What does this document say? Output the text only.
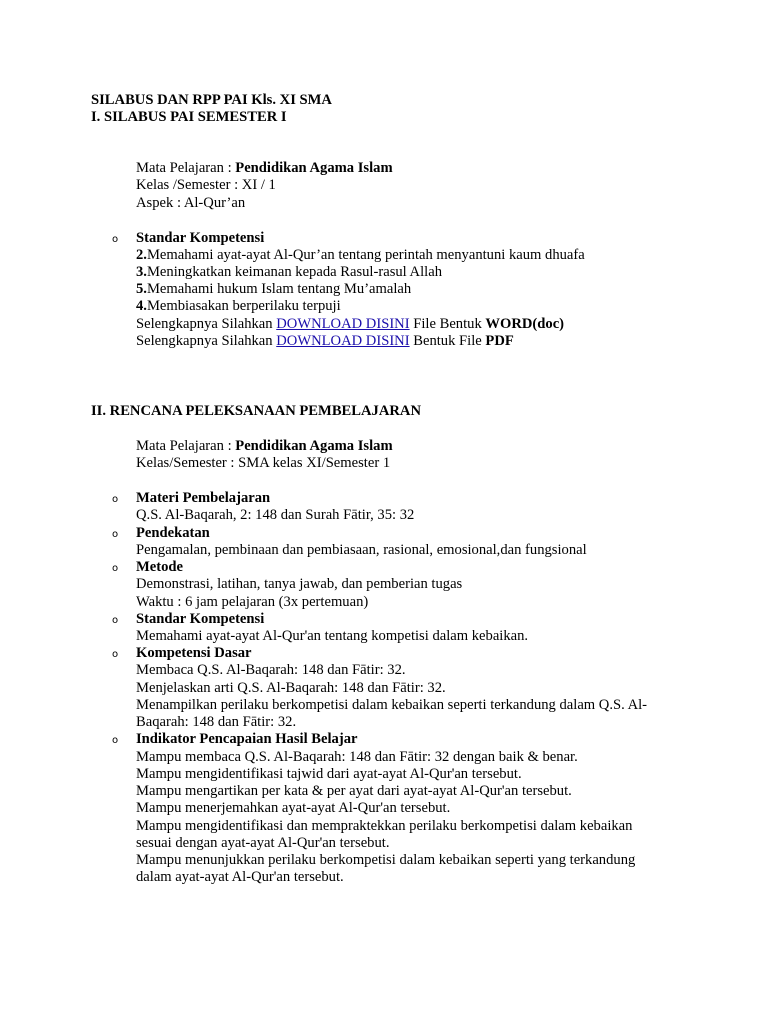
SILABUS DAN RPP PAI Kls. XI SMA
I. SILABUS PAI SEMESTER I
Mata Pelajaran : Pendidikan Agama Islam
Kelas /Semester : XI / 1
Aspek : Al-Qur’an
o Standar Kompetensi
2.Memahami ayat-ayat Al-Qur’an tentang perintah menyantuni kaum dhuafa
3.Meningkatkan keimanan kepada Rasul-rasul Allah
5.Memahami hukum Islam tentang Mu’amalah
4.Membiasakan berperilaku terpuji
Selengkapnya Silahkan DOWNLOAD DISINI File Bentuk WORD(doc)
Selengkapnya Silahkan DOWNLOAD DISINI Bentuk File PDF
II. RENCANA PELEKSANAAN PEMBELAJARAN
Mata Pelajaran : Pendidikan Agama Islam
Kelas/Semester : SMA kelas XI/Semester 1
o Materi Pembelajaran
Q.S. Al-Baqarah, 2: 148 dan Surah Fātir, 35: 32
o Pendekatan
Pengamalan, pembinaan dan pembiasaan, rasional, emosional,dan fungsional
o Metode
Demonstrasi, latihan, tanya jawab, dan pemberian tugas
Waktu : 6 jam pelajaran (3x pertemuan)
o Standar Kompetensi
Memahami ayat-ayat Al-Qur'an tentang kompetisi dalam kebaikan.
o Kompetensi Dasar
Membaca Q.S. Al-Baqarah: 148 dan Fātir: 32.
Menjelaskan arti Q.S. Al-Baqarah: 148 dan Fātir: 32.
Menampilkan perilaku berkompetisi dalam kebaikan seperti terkandung dalam Q.S. Al-
Baqarah: 148 dan Fātir: 32.
o Indikator Pencapaian Hasil Belajar
Mampu membaca Q.S. Al-Baqarah: 148 dan Fātir: 32 dengan baik & benar.
Mampu mengidentifikasi tajwid dari ayat-ayat Al-Qur'an tersebut.
Mampu mengartikan per kata & per ayat dari ayat-ayat Al-Qur'an tersebut.
Mampu menerjemahkan ayat-ayat Al-Qur'an tersebut.
Mampu mengidentifikasi dan mempraktekkan perilaku berkompetisi dalam kebaikan
sesuai dengan ayat-ayat Al-Qur'an tersebut.
Mampu menunjukkan perilaku berkompetisi dalam kebaikan seperti yang terkandung
dalam ayat-ayat Al-Qur'an tersebut.
